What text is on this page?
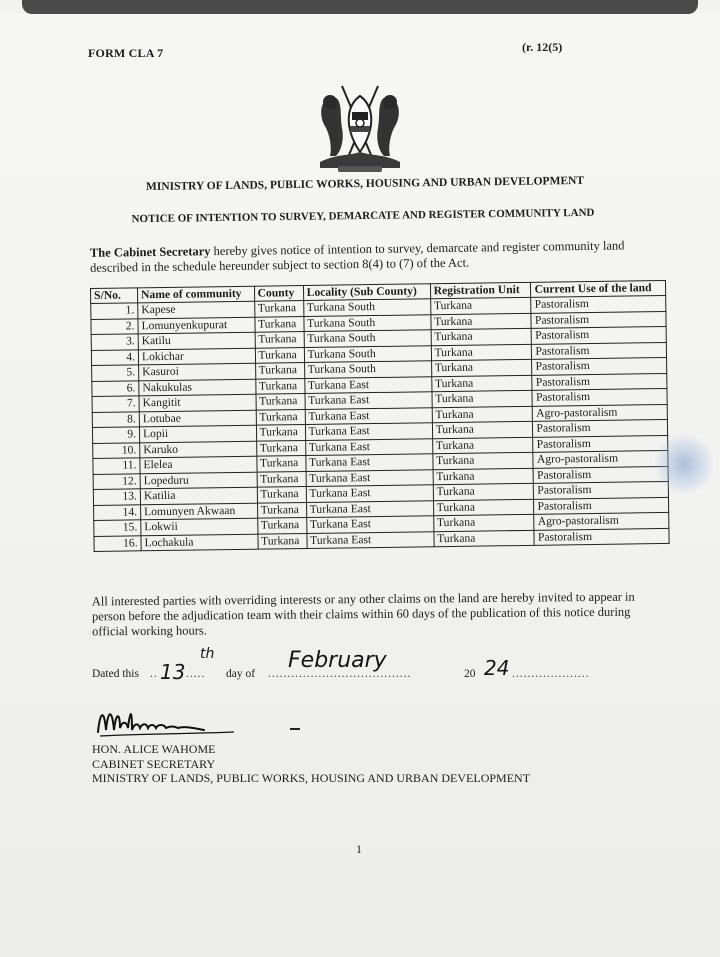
FORM CLA 7	(r. 12(5)
MINISTRY OF LANDS, PUBLIC WORKS, HOUSING AND URBAN DEVELOPMENT
NOTICE OF INTENTION TO SURVEY, DEMARCATE AND REGISTER COMMUNITY LAND
The Cabinet Secretary hereby gives notice of intention to survey, demarcate and register community land described in the schedule hereunder subject to section 8(4) to (7) of the Act.
S/No.	Name of community	County	Locality (Sub County)	Registration Unit	Current Use of the land
1.	Kapese	Turkana	Turkana South	Turkana	Pastoralism
2.	Lomunyenkupurat	Turkana	Turkana South	Turkana	Pastoralism
3.	Katilu	Turkana	Turkana South	Turkana	Pastoralism
4.	Lokichar	Turkana	Turkana South	Turkana	Pastoralism
5.	Kasuroi	Turkana	Turkana South	Turkana	Pastoralism
6.	Nakukulas	Turkana	Turkana East	Turkana	Pastoralism
7.	Kangitit	Turkana	Turkana East	Turkana	Pastoralism
8.	Lotubae	Turkana	Turkana East	Turkana	Agro-pastoralism
9.	Lopii	Turkana	Turkana East	Turkana	Pastoralism
10.	Karuko	Turkana	Turkana East	Turkana	Pastoralism
11.	Elelea	Turkana	Turkana East	Turkana	Agro-pastoralism
12.	Lopeduru	Turkana	Turkana East	Turkana	Pastoralism
13.	Katilia	Turkana	Turkana East	Turkana	Pastoralism
14.	Lomunyen Akwaan	Turkana	Turkana East	Turkana	Pastoralism
15.	Lokwii	Turkana	Turkana East	Turkana	Agro-pastoralism
16.	Lochakula	Turkana	Turkana East	Turkana	Pastoralism
All interested parties with overriding interests or any other claims on the land are hereby invited to appear in person before the adjudication team with their claims within 60 days of the publication of this notice during official working hours.
Dated this .. 13
th
..... day of .....................................
February
20 24 ....................
HON. ALICE WAHOME
CABINET SECRETARY
MINISTRY OF LANDS, PUBLIC WORKS, HOUSING AND URBAN DEVELOPMENT
1
